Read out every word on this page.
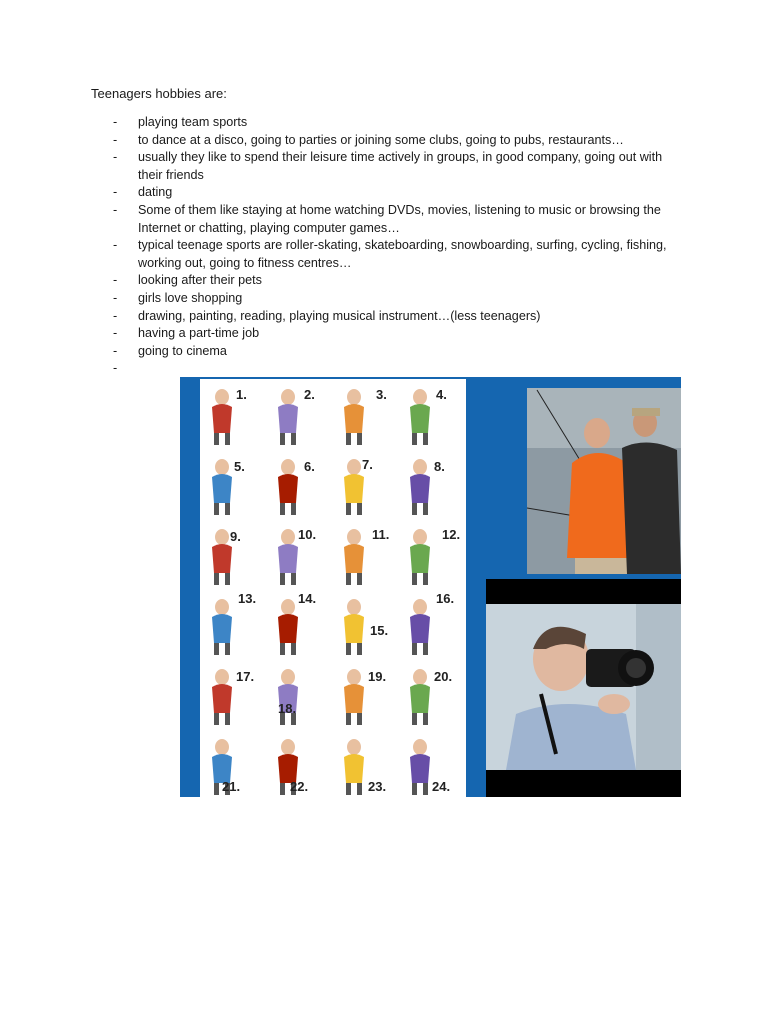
Teenagers hobbies are:
- playing team sports
- to dance at a disco, going to parties or joining some clubs, going to pubs, restaurants…
- usually they like to spend their leisure time actively in groups, in good company, going out with their friends
- dating
- Some of them like staying at home watching DVDs, movies, listening to music or browsing the Internet or chatting, playing computer games…
- typical teenage sports are roller-skating, skateboarding, snowboarding, surfing, cycling, fishing, working out, going to fitness centres…
- looking after their pets
- girls love shopping
- drawing, painting, reading, playing musical instrument…(less teenagers)
- having a part-time job
- going to cinema
-
1.	2.	3.	4.
5.	6.	7.	8.
9.	10.	11.	12.
13.	14.
15.
16.
17.
18.
19.	20.
21.	22.	23.	24.
